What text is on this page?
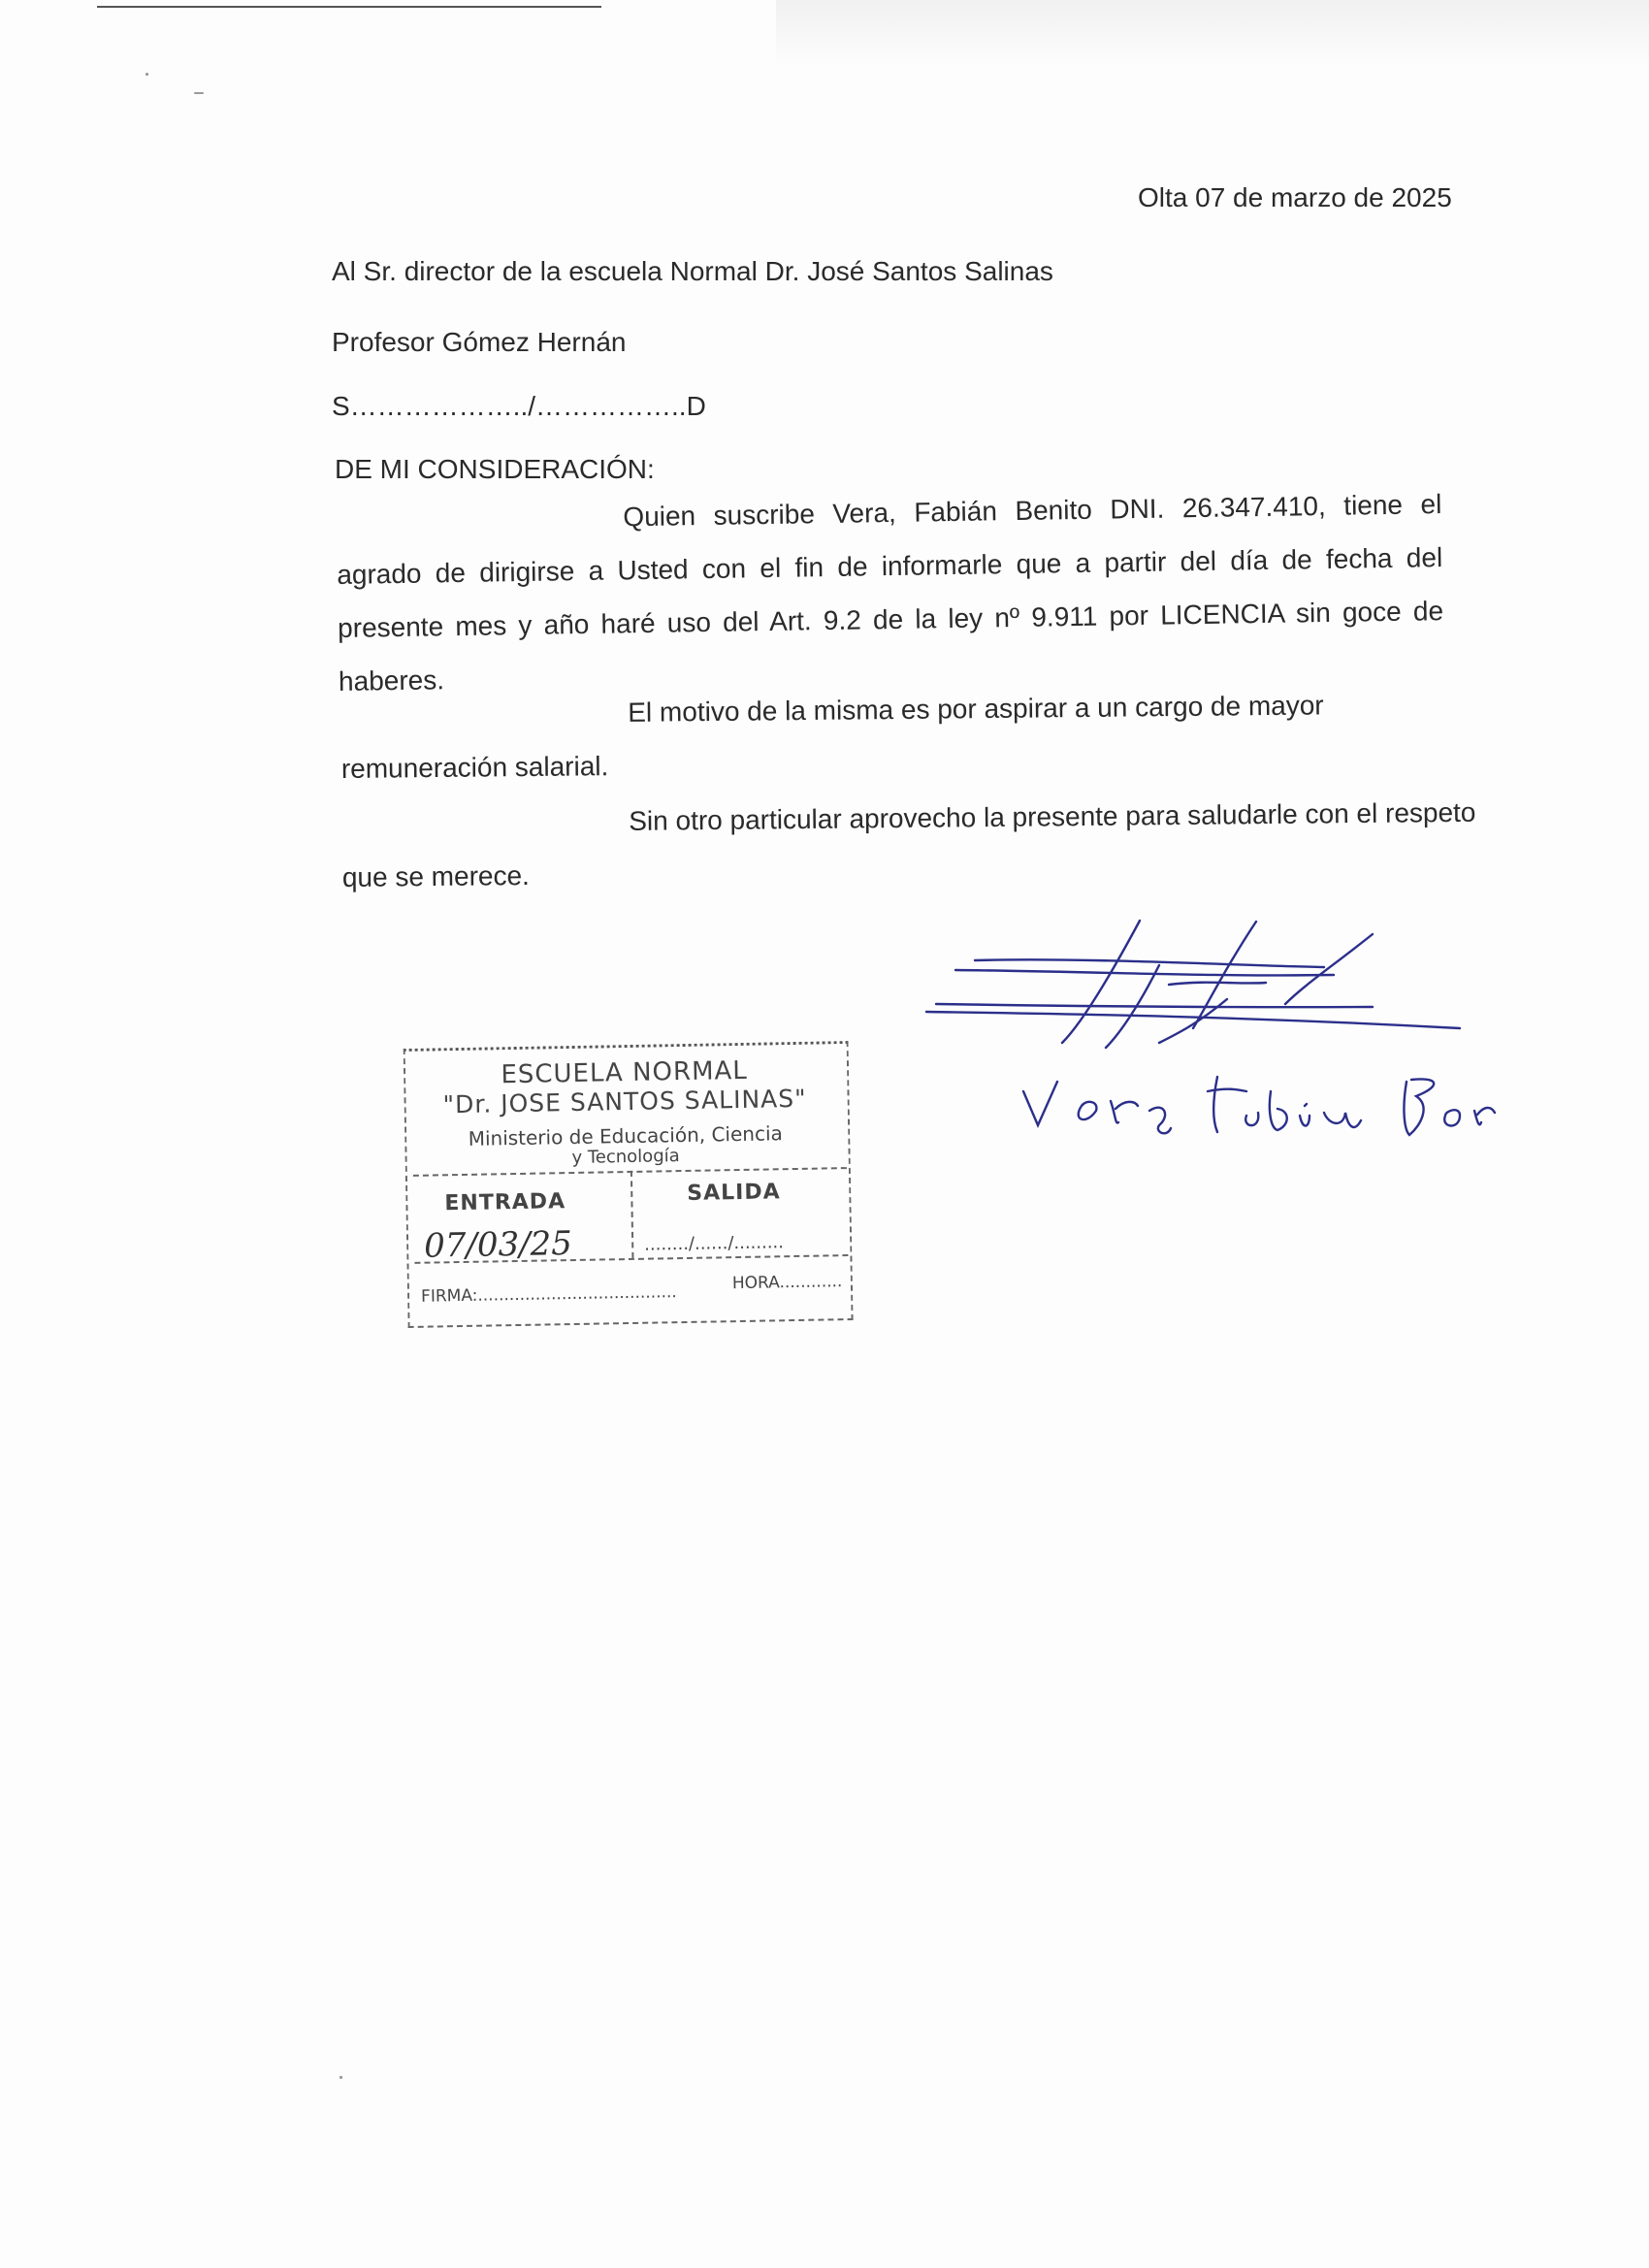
Olta 07 de marzo de 2025
Al Sr. director de la escuela Normal Dr. José Santos Salinas
Profesor Gómez Hernán
S………………../……………..D
DE MI CONSIDERACIÓN:
Quien suscribe Vera, Fabián Benito DNI. 26.347.410, tiene el agrado de dirigirse a Usted con el fin de informarle que a partir del día de fecha del presente mes y año haré uso del Art. 9.2 de la ley nº 9.911 por LICENCIA sin goce de haberes.
El motivo de la misma es por aspirar a un cargo de mayor remuneración salarial.
Sin otro particular aprovecho la presente para saludarle con el respeto que se merece.
Vera Fabián Benito
ESCUELA NORMAL
"Dr. JOSE SANTOS SALINAS"
Ministerio de Educación, Ciencia
y Tecnología
ENTRADA	SALIDA
07/03/25	......../....../.........
FIRMA:......................................	HORA............
